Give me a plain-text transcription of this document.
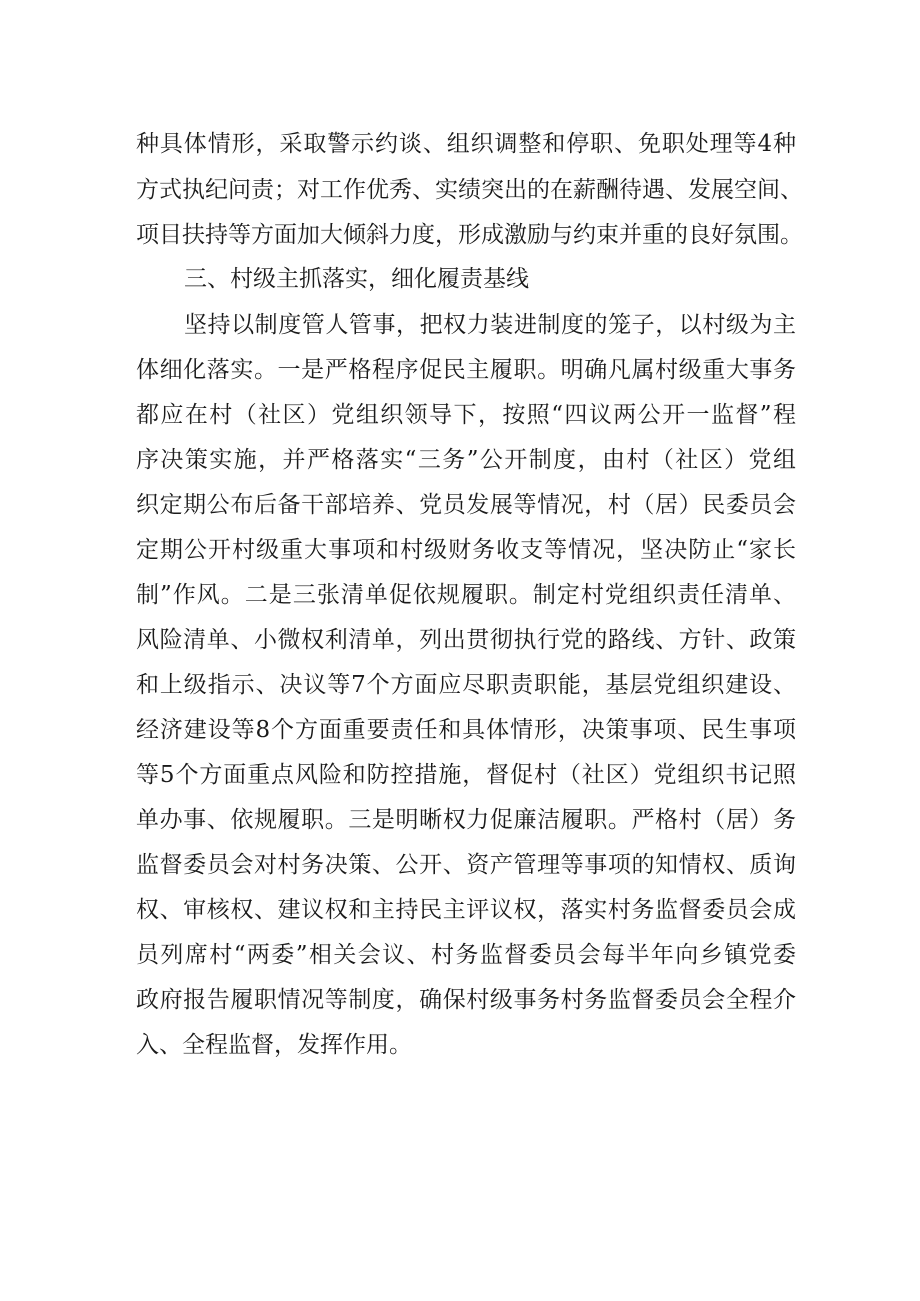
种具体情形，采取警示约谈、组织调整和停职、免职处理等4种
方式执纪问责；对工作优秀、实绩突出的在薪酬待遇、发展空间、
项目扶持等方面加大倾斜力度，形成激励与约束并重的良好氛围。
三、村级主抓落实，细化履责基线
坚持以制度管人管事，把权力装进制度的笼子，以村级为主
体细化落实。一是严格程序促民主履职。明确凡属村级重大事务
都应在村（社区）党组织领导下，按照“四议两公开一监督”程
序决策实施，并严格落实“三务”公开制度，由村（社区）党组
织定期公布后备干部培养、党员发展等情况，村（居）民委员会
定期公开村级重大事项和村级财务收支等情况，坚决防止“家长
制”作风。二是三张清单促依规履职。制定村党组织责任清单、
风险清单、小微权利清单，列出贯彻执行党的路线、方针、政策
和上级指示、决议等7个方面应尽职责职能，基层党组织建设、
经济建设等8个方面重要责任和具体情形，决策事项、民生事项
等5个方面重点风险和防控措施，督促村（社区）党组织书记照
单办事、依规履职。三是明晰权力促廉洁履职。严格村（居）务
监督委员会对村务决策、公开、资产管理等事项的知情权、质询
权、审核权、建议权和主持民主评议权，落实村务监督委员会成
员列席村“两委”相关会议、村务监督委员会每半年向乡镇党委
政府报告履职情况等制度，确保村级事务村务监督委员会全程介
入、全程监督，发挥作用。
